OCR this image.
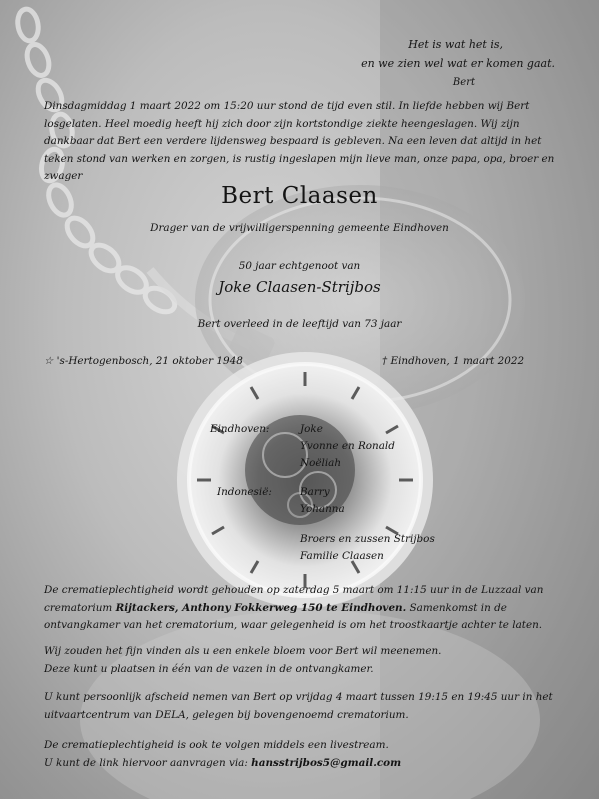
Het is wat het is,
en we zien wel wat er komen gaat.
Bert

Dinsdagmiddag 1 maart 2022 om 15:20 uur stond de tijd even stil. In liefde hebben wij Bert losgelaten. Heel moedig heeft hij zich door zijn kortstondige ziekte heengeslagen. Wij zijn dankbaar dat Bert een verdere lijdensweg bespaard is gebleven. Na een leven dat altijd in het teken stond van werken en zorgen, is rustig ingeslapen mijn lieve man, onze papa, opa, broer en zwager

Bert Claasen
Drager van de vrijwilligerspenning gemeente Eindhoven
50 jaar echtgenoot van
Joke Claasen-Strijbos
Bert overleed in de leeftijd van 73 jaar
☆ 's-Hertogenbosch, 21 oktober 1948	† Eindhoven, 1 maart 2022
Eindhoven:	Joke
Yvonne en Ronald
Noëliah
Indonesië:	Barry
Yohanna
Broers en zussen Strijbos
Familie Claasen
De crematieplechtigheid wordt gehouden op zaterdag 5 maart om 11:15 uur in de Luzzaal van
crematorium Rijtackers, Anthony Fokkerweg 150 te Eindhoven. Samenkomst in de
ontvangkamer van het crematorium, waar gelegenheid is om het troostkaartje achter te laten.
Wij zouden het fijn vinden als u een enkele bloem voor Bert wil meenemen.
Deze kunt u plaatsen in één van de vazen in de ontvangkamer.
U kunt persoonlijk afscheid nemen van Bert op vrijdag 4 maart tussen 19:15 en 19:45 uur in het
uitvaartcentrum van DELA, gelegen bij bovengenoemd crematorium.
De crematieplechtigheid is ook te volgen middels een livestream.
U kunt de link hiervoor aanvragen via: hansstrijbos5@gmail.com
